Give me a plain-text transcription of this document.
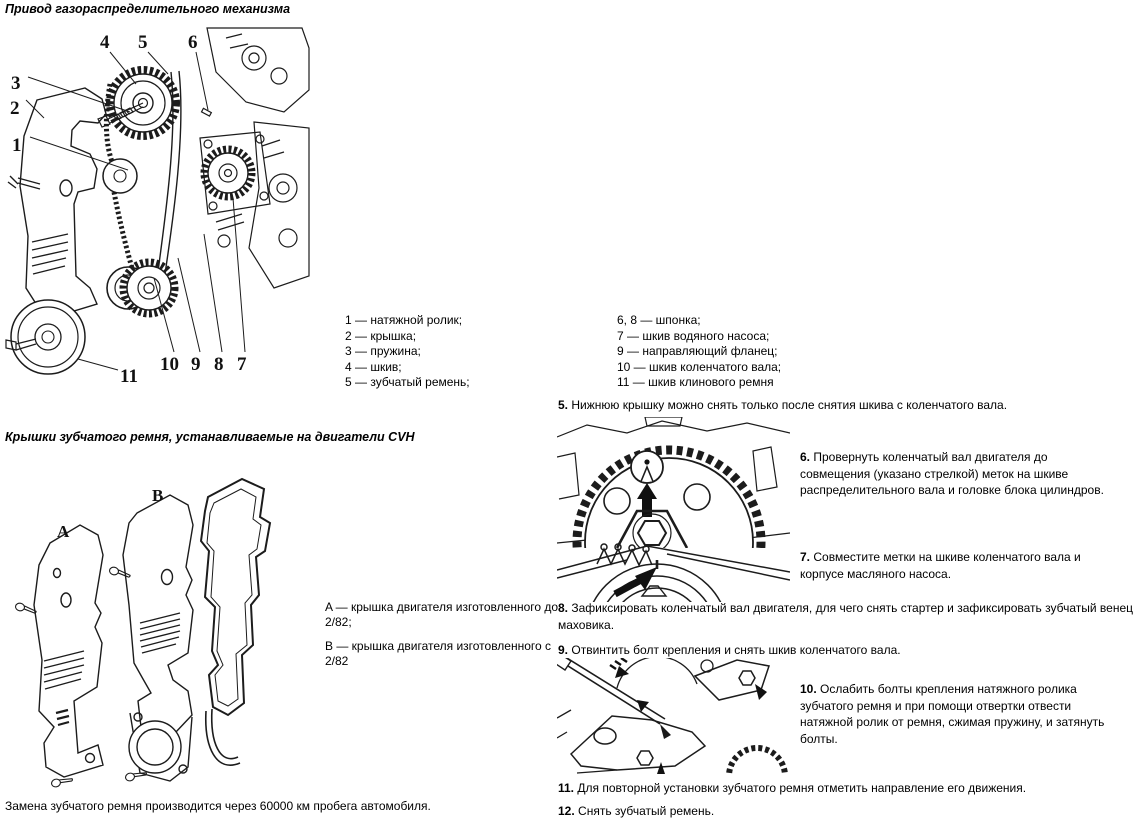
Привод газораспределительного механизма
1
2
3
4 5 6
7
8
9
10
11
1 — натяжной ролик;
2 — крышка;
3 — пружина;
4 — шкив;
5 — зубчатый ремень;
6, 8 — шпонка;
7 — шкив водяного насоса;
9 — направляющий фланец;
10 — шкив коленчатого вала;
11 — шкив клинового ремня
Крышки зубчатого ремня, устанавливаемые на двигатели CVH
A
B
A — крышка двигателя изготовленного до 2/82;
B — крышка двигателя изготовленного с 2/82
Замена зубчатого ремня производится через 60000 км пробега автомобиля.
5. Нижнюю крышку можно снять только после снятия шкива с коленчатого вала.
6. Провернуть коленчатый вал двигателя до совмещения (указано стрелкой) меток на шкиве распределительного вала и головке блока цилиндров.
7. Совместите метки на шкиве коленчатого вала и корпусе масляного насоса.
8. Зафиксировать коленчатый вал двигателя, для чего снять стартер и зафиксировать зубчатый венец маховика.
9. Отвинтить болт крепления и снять шкив коленчатого вала.
10. Ослабить болты крепления натяжного ролика зубчатого ремня и при помощи отвертки отвести натяжной ролик от ремня, сжимая пружину, и затянуть болты.
11. Для повторной установки зубчатого ремня отметить направление его движения.
12. Снять зубчатый ремень.
